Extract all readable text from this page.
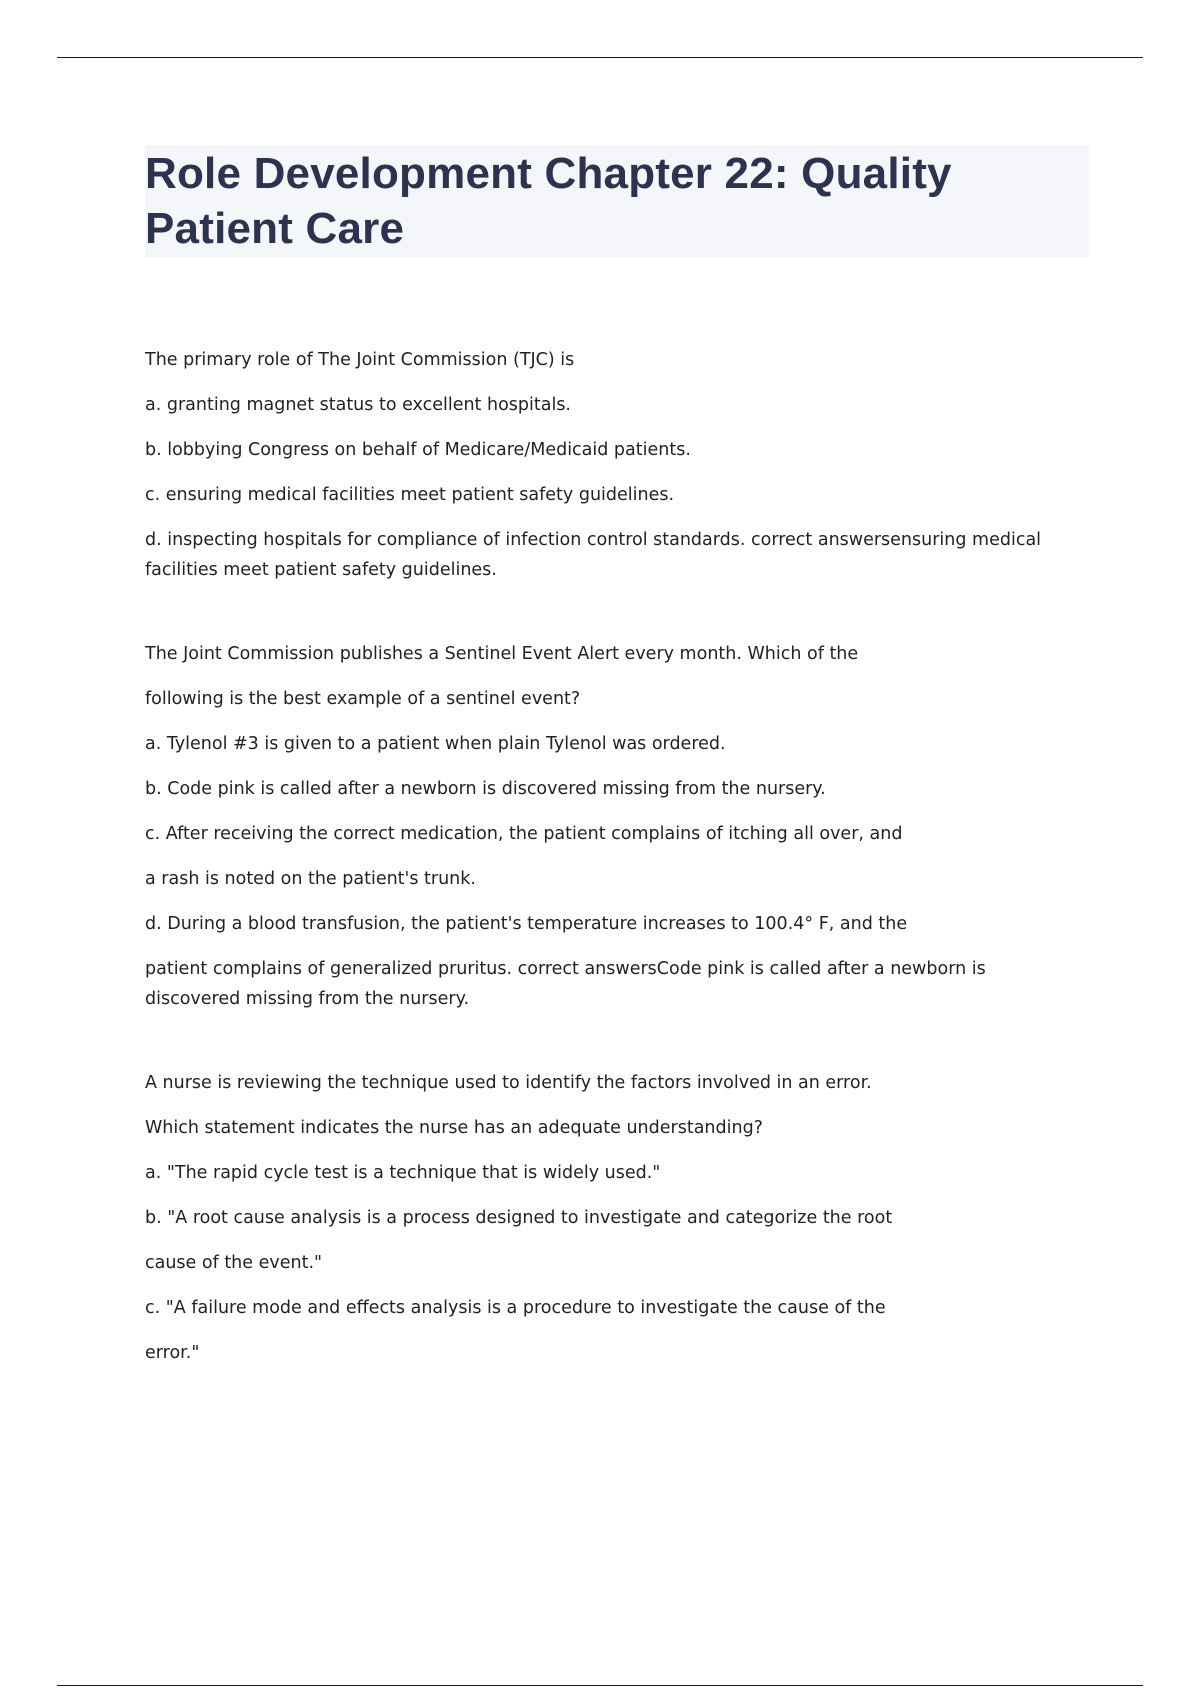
Role Development Chapter 22: Quality Patient Care

The primary role of The Joint Commission (TJC) is

a. granting magnet status to excellent hospitals.

b. lobbying Congress on behalf of Medicare/Medicaid patients.

c. ensuring medical facilities meet patient safety guidelines.

d. inspecting hospitals for compliance of infection control standards. correct answersensuring medical facilities meet patient safety guidelines.

The Joint Commission publishes a Sentinel Event Alert every month. Which of the

following is the best example of a sentinel event?

a. Tylenol #3 is given to a patient when plain Tylenol was ordered.

b. Code pink is called after a newborn is discovered missing from the nursery.

c. After receiving the correct medication, the patient complains of itching all over, and

a rash is noted on the patient's trunk.

d. During a blood transfusion, the patient's temperature increases to 100.4° F, and the

patient complains of generalized pruritus. correct answersCode pink is called after a newborn is discovered missing from the nursery.

A nurse is reviewing the technique used to identify the factors involved in an error.

Which statement indicates the nurse has an adequate understanding?

a. "The rapid cycle test is a technique that is widely used."

b. "A root cause analysis is a process designed to investigate and categorize the root

cause of the event."

c. "A failure mode and effects analysis is a procedure to investigate the cause of the

error."
